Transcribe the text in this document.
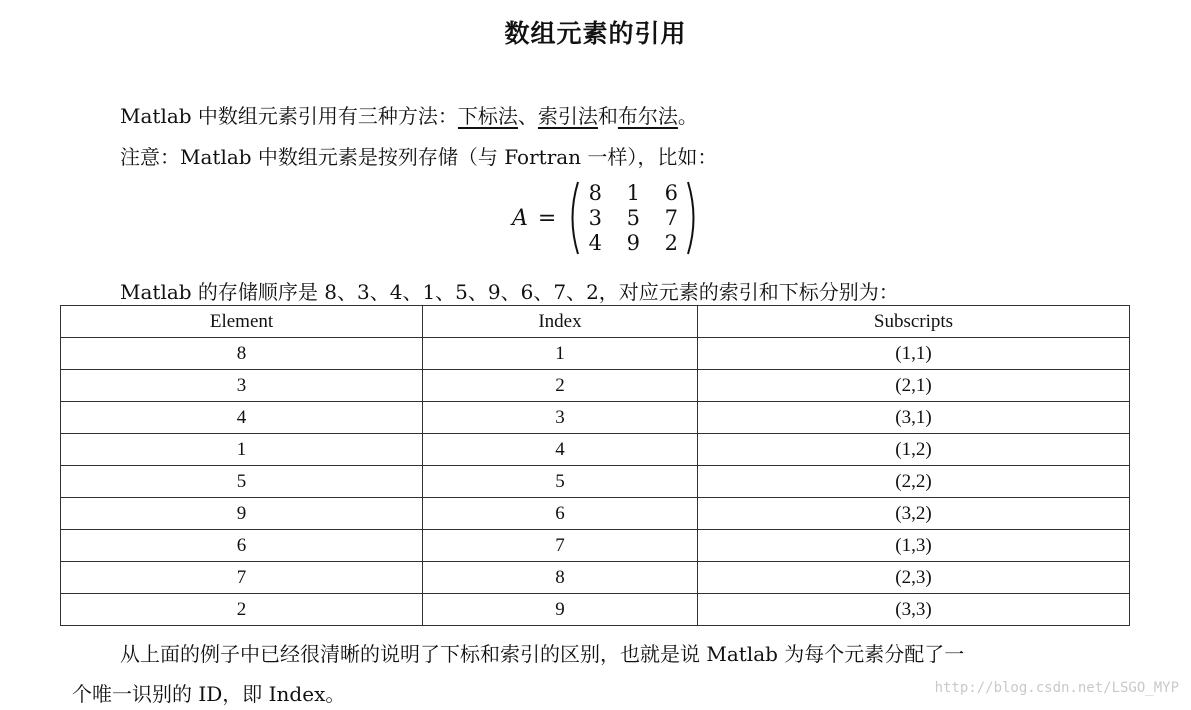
数组元素的引用
Matlab 中数组元素引用有三种方法：下标法、索引法和布尔法。
注意：Matlab 中数组元素是按列存储（与 Fortran 一样），比如：
A =
8	1	6
3	5	7
4	9	2
Matlab 的存储顺序是 8、3、4、1、5、9、6、7、2，对应元素的索引和下标分别为：
Element	Index	Subscripts
8	1	(1,1)
3	2	(2,1)
4	3	(3,1)
1	4	(1,2)
5	5	(2,2)
9	6	(3,2)
6	7	(1,3)
7	8	(2,3)
2	9	(3,3)
从上面的例子中已经很清晰的说明了下标和索引的区别，也就是说 Matlab 为每个元素分配了一
个唯一识别的 ID，即 Index。	http://blog.csdn.net/LSGO_MYP
